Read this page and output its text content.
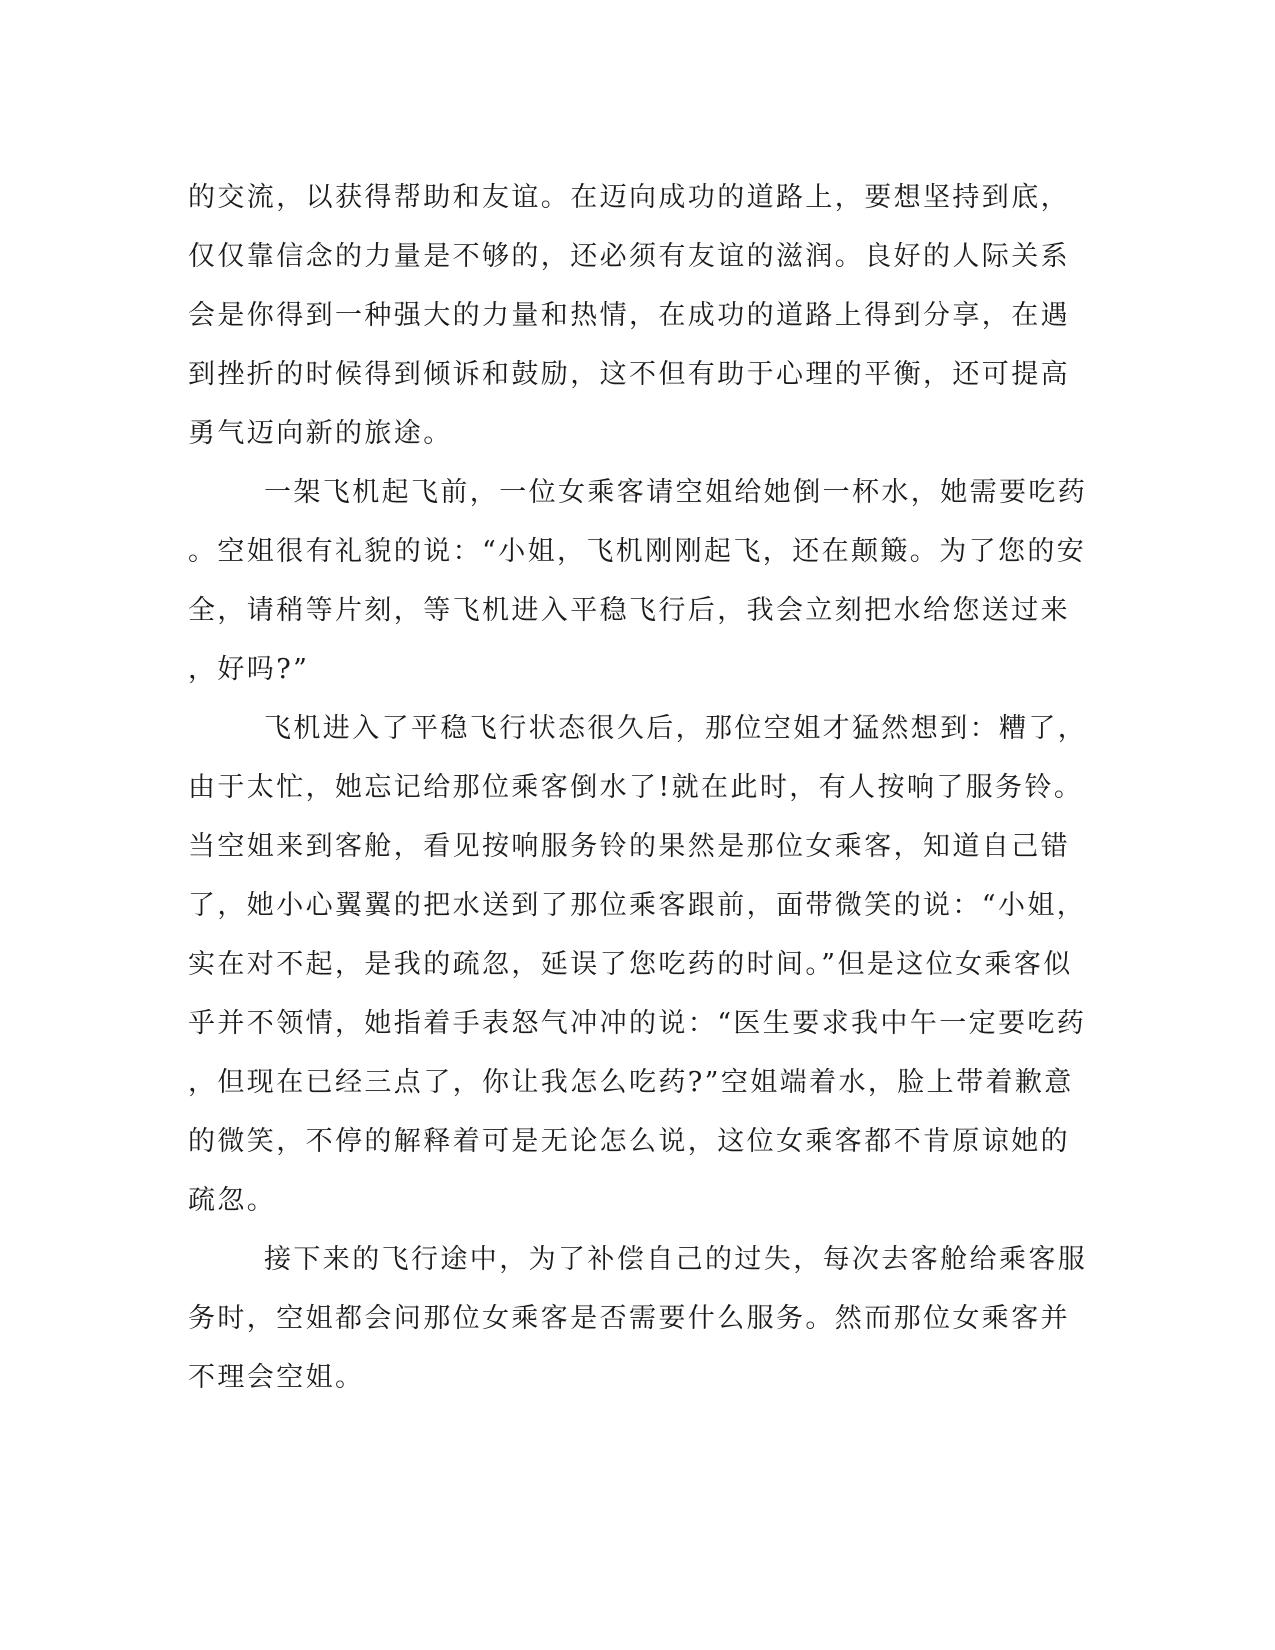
的交流，以获得帮助和友谊。在迈向成功的道路上，要想坚持到底，
仅仅靠信念的力量是不够的，还必须有友谊的滋润。良好的人际关系
会是你得到一种强大的力量和热情，在成功的道路上得到分享，在遇
到挫折的时候得到倾诉和鼓励，这不但有助于心理的平衡，还可提高
勇气迈向新的旅途。
一架飞机起飞前，一位女乘客请空姐给她倒一杯水，她需要吃药
。空姐很有礼貌的说：“小姐，飞机刚刚起飞，还在颠簸。为了您的安
全，请稍等片刻，等飞机进入平稳飞行后，我会立刻把水给您送过来
，好吗?”
飞机进入了平稳飞行状态很久后，那位空姐才猛然想到：糟了，
由于太忙，她忘记给那位乘客倒水了!就在此时，有人按响了服务铃。
当空姐来到客舱，看见按响服务铃的果然是那位女乘客，知道自己错
了，她小心翼翼的把水送到了那位乘客跟前，面带微笑的说：“小姐，
实在对不起，是我的疏忽，延误了您吃药的时间。”但是这位女乘客似
乎并不领情，她指着手表怒气冲冲的说：“医生要求我中午一定要吃药
，但现在已经三点了，你让我怎么吃药?”空姐端着水，脸上带着歉意
的微笑，不停的解释着可是无论怎么说，这位女乘客都不肯原谅她的
疏忽。
接下来的飞行途中，为了补偿自己的过失，每次去客舱给乘客服
务时，空姐都会问那位女乘客是否需要什么服务。然而那位女乘客并
不理会空姐。
